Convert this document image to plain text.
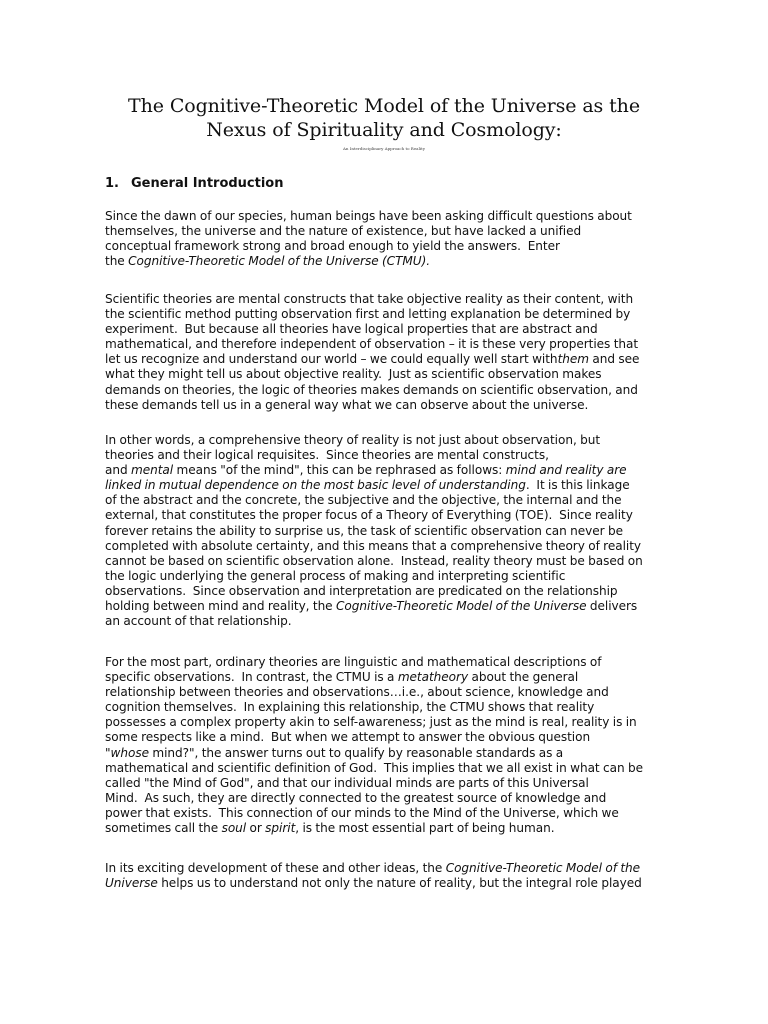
The Cognitive-Theoretic Model of the Universe as the
Nexus of Spirituality and Cosmology:

An Interdisciplinary Approach to Reality

1. General Introduction

Since the dawn of our species, human beings have been asking difficult questions about
themselves, the universe and the nature of existence, but have lacked a unified
conceptual framework strong and broad enough to yield the answers.  Enter
the Cognitive-Theoretic Model of the Universe (CTMU).

Scientific theories are mental constructs that take objective reality as their content, with
the scientific method putting observation first and letting explanation be determined by
experiment.  But because all theories have logical properties that are abstract and
mathematical, and therefore independent of observation – it is these very properties that
let us recognize and understand our world – we could equally well start withthem and see
what they might tell us about objective reality.  Just as scientific observation makes
demands on theories, the logic of theories makes demands on scientific observation, and
these demands tell us in a general way what we can observe about the universe.

In other words, a comprehensive theory of reality is not just about observation, but
theories and their logical requisites.  Since theories are mental constructs,
and mental means "of the mind", this can be rephrased as follows: mind and reality are
linked in mutual dependence on the most basic level of understanding.  It is this linkage
of the abstract and the concrete, the subjective and the objective, the internal and the
external, that constitutes the proper focus of a Theory of Everything (TOE).  Since reality
forever retains the ability to surprise us, the task of scientific observation can never be
completed with absolute certainty, and this means that a comprehensive theory of reality
cannot be based on scientific observation alone.  Instead, reality theory must be based on
the logic underlying the general process of making and interpreting scientific
observations.  Since observation and interpretation are predicated on the relationship
holding between mind and reality, the Cognitive-Theoretic Model of the Universe delivers
an account of that relationship.

For the most part, ordinary theories are linguistic and mathematical descriptions of
specific observations.  In contrast, the CTMU is a metatheory about the general
relationship between theories and observations…i.e., about science, knowledge and
cognition themselves.  In explaining this relationship, the CTMU shows that reality
possesses a complex property akin to self-awareness; just as the mind is real, reality is in
some respects like a mind.  But when we attempt to answer the obvious question
"whose mind?", the answer turns out to qualify by reasonable standards as a
mathematical and scientific definition of God.  This implies that we all exist in what can be
called "the Mind of God", and that our individual minds are parts of this Universal
Mind.  As such, they are directly connected to the greatest source of knowledge and
power that exists.  This connection of our minds to the Mind of the Universe, which we
sometimes call the soul or spirit, is the most essential part of being human.

In its exciting development of these and other ideas, the Cognitive-Theoretic Model of the
Universe helps us to understand not only the nature of reality, but the integral role played
